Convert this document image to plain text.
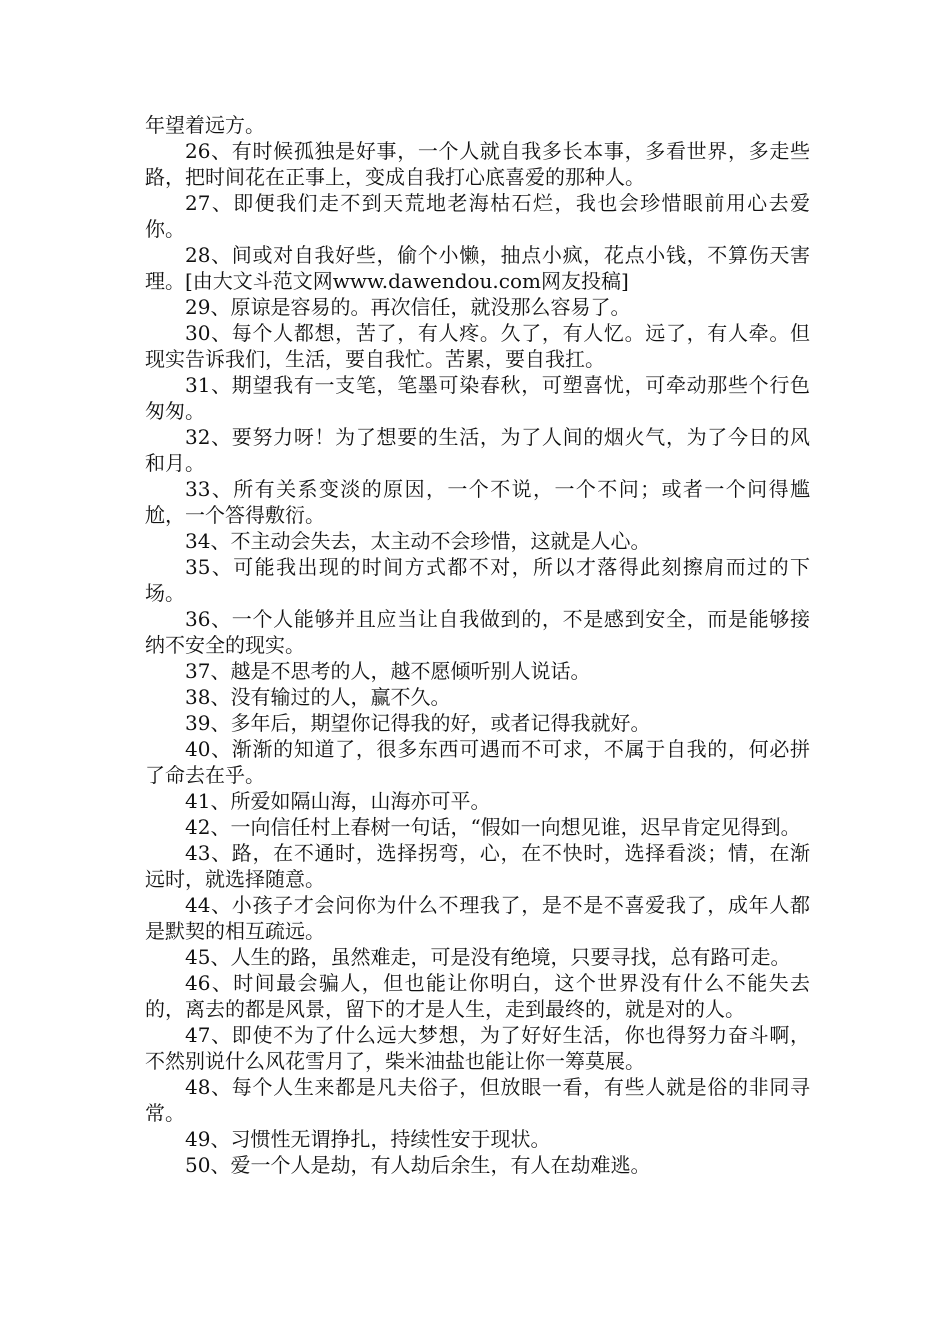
年望着远方。

26、有时候孤独是好事，一个人就自我多长本事，多看世界，多走些路，把时间花在正事上，变成自我打心底喜爱的那种人。

27、即便我们走不到天荒地老海枯石烂，我也会珍惜眼前用心去爱你。

28、间或对自我好些，偷个小懒，抽点小疯，花点小钱，不算伤天害理。[由大文斗范文网www.dawendou.com网友投稿]

29、原谅是容易的。再次信任，就没那么容易了。

30、每个人都想，苦了，有人疼。久了，有人忆。远了，有人牵。但现实告诉我们，生活，要自我忙。苦累，要自我扛。

31、期望我有一支笔，笔墨可染春秋，可塑喜忧，可牵动那些个行色匆匆。

32、要努力呀！为了想要的生活，为了人间的烟火气，为了今日的风和月。

33、所有关系变淡的原因，一个不说，一个不问；或者一个问得尴尬，一个答得敷衍。

34、不主动会失去，太主动不会珍惜，这就是人心。

35、可能我出现的时间方式都不对，所以才落得此刻擦肩而过的下场。

36、一个人能够并且应当让自我做到的，不是感到安全，而是能够接纳不安全的现实。

37、越是不思考的人，越不愿倾听别人说话。

38、没有输过的人，赢不久。

39、多年后，期望你记得我的好，或者记得我就好。

40、渐渐的知道了，很多东西可遇而不可求，不属于自我的，何必拼了命去在乎。

41、所爱如隔山海，山海亦可平。

42、一向信任村上春树一句话，“假如一向想见谁，迟早肯定见得到。

43、路，在不通时，选择拐弯，心，在不快时，选择看淡；情，在渐远时，就选择随意。

44、小孩子才会问你为什么不理我了，是不是不喜爱我了，成年人都是默契的相互疏远。

45、人生的路，虽然难走，可是没有绝境，只要寻找，总有路可走。

46、时间最会骗人，但也能让你明白，这个世界没有什么不能失去的，离去的都是风景，留下的才是人生，走到最终的，就是对的人。

47、即使不为了什么远大梦想，为了好好生活，你也得努力奋斗啊，不然别说什么风花雪月了，柴米油盐也能让你一筹莫展。

48、每个人生来都是凡夫俗子，但放眼一看，有些人就是俗的非同寻常。

49、习惯性无谓挣扎，持续性安于现状。

50、爱一个人是劫，有人劫后余生，有人在劫难逃。
